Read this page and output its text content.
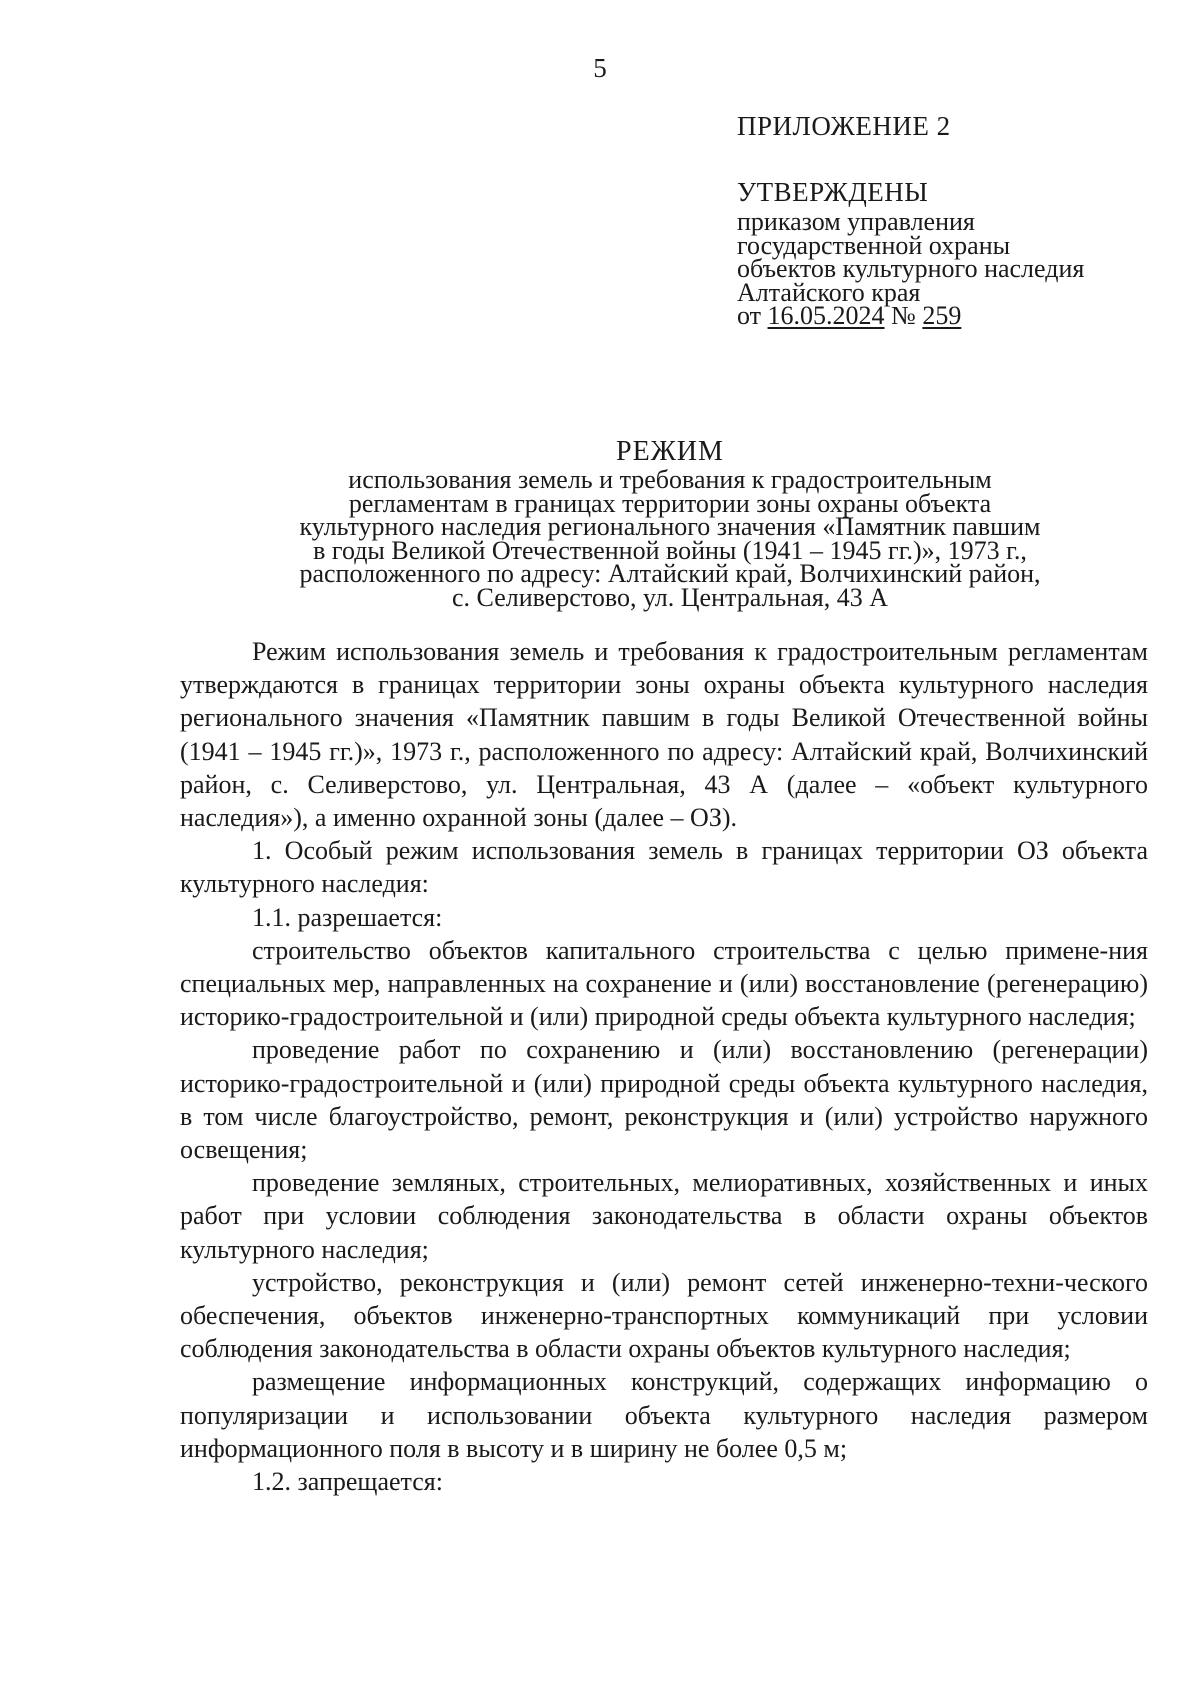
5
ПРИЛОЖЕНИЕ 2
УТВЕРЖДЕНЫ
приказом управления
государственной охраны
объектов культурного наследия
Алтайского края
от 16.05.2024 № 259
РЕЖИМ
использования земель и требования к градостроительным
регламентам в границах территории зоны охраны объекта
культурного наследия регионального значения «Памятник павшим
в годы Великой Отечественной войны (1941 – 1945 гг.)», 1973 г.,
расположенного по адресу: Алтайский край, Волчихинский район,
с. Селиверстово, ул. Центральная, 43 А

Режим использования земель и требования к градостроительным регламентам утверждаются в границах территории зоны охраны объекта культурного наследия регионального значения «Памятник павшим в годы Великой Отечественной войны (1941 – 1945 гг.)», 1973 г., расположенного по адресу: Алтайский край, Волчихинский район, с. Селиверстово, ул. Центральная, 43 А (далее – «объект культурного наследия»), а именно охранной зоны (далее – ОЗ).

1. Особый режим использования земель в границах территории ОЗ объекта культурного наследия:

1.1. разрешается:

строительство объектов капитального строительства с целью примене-ния специальных мер, направленных на сохранение и (или) восстановление (регенерацию) историко-градостроительной и (или) природной среды объекта культурного наследия;

проведение работ по сохранению и (или) восстановлению (регенерации) историко-градостроительной и (или) природной среды объекта культурного наследия, в том числе благоустройство, ремонт, реконструкция и (или) устройство наружного освещения;

проведение земляных, строительных, мелиоративных, хозяйственных и иных работ при условии соблюдения законодательства в области охраны объектов культурного наследия;

устройство, реконструкция и (или) ремонт сетей инженерно-техни-ческого обеспечения, объектов инженерно-транспортных коммуникаций при условии соблюдения законодательства в области охраны объектов культурного наследия;

размещение информационных конструкций, содержащих информацию о популяризации и использовании объекта культурного наследия размером информационного поля в высоту и в ширину не более 0,5 м;

1.2. запрещается:
